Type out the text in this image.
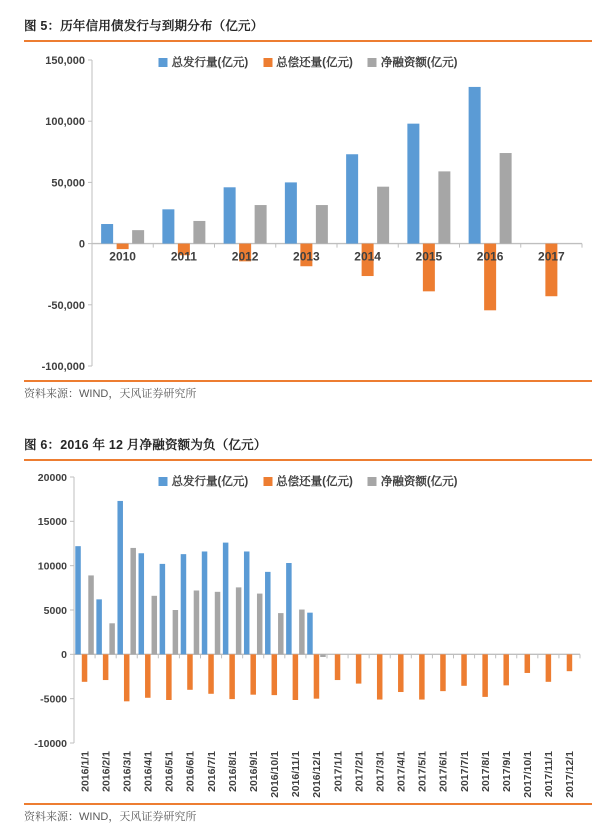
图 5：历年信用债发行与到期分布（亿元）
总发行量(亿元)	总偿还量(亿元)	净融资额(亿元)
150,000
100,000
50,000
0
-50,000
-100,000
2010	2011	2012	2013	2014	2015	2016	2017

资料来源：WIND，天风证券研究所

图 6：2016 年 12 月净融资额为负（亿元）
总发行量(亿元)	总偿还量(亿元)	净融资额(亿元)
20000
15000
10000
5000
0
-5000
-10000
2016/1/1 2016/2/1 2016/3/1 2016/4/1 2016/5/1 2016/6/1 2016/7/1 2016/8/1 2016/9/1 2016/10/1 2016/11/1 2016/12/1 2017/1/1 2017/2/1 2017/3/1 2017/4/1 2017/5/1 2017/6/1 2017/7/1 2017/8/1 2017/9/1 2017/10/1 2017/11/1 2017/12/1

资料来源：WIND，天风证券研究所
